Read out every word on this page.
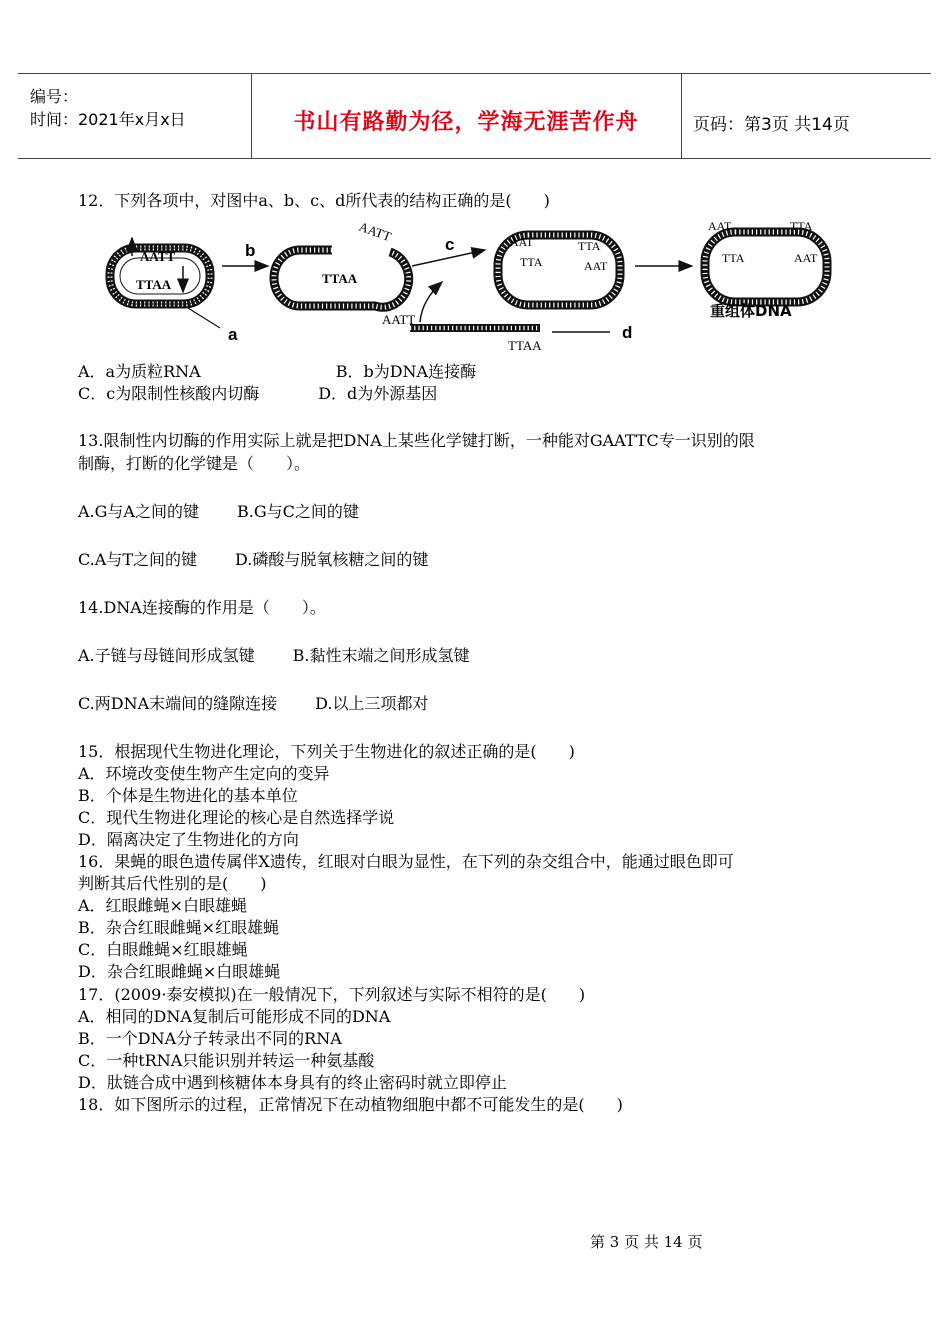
编号：
时间：2021年x月x日	书山有路勤为径，学海无涯苦作舟	页码：第3页 共14页
12．下列各项中，对图中a、b、c、d所代表的结构正确的是(　　)
AATT
TTAA
a
b
TTAA
AATT
c
AATT
TTAA
d
AAT
TTA
TTA
AAT
AAT
TTA
TTA
AAT
重组体DNA
A．a为质粒RNA	B．b为DNA连接酶
C．c为限制性核酸内切酶	D．d为外源基因
13.限制性内切酶的作用实际上就是把DNA上某些化学键打断，一种能对GAATTC专一识别的限
制酶，打断的化学键是（　　）。
A.G与A之间的键 B.G与C之间的键
C.A与T之间的键 D.磷酸与脱氧核糖之间的键
14.DNA连接酶的作用是（　　）。
A.子链与母链间形成氢键 B.黏性末端之间形成氢键
C.两DNA末端间的缝隙连接 D.以上三项都对
15．根据现代生物进化理论，下列关于生物进化的叙述正确的是(　　)
A．环境改变使生物产生定向的变异
B．个体是生物进化的基本单位
C．现代生物进化理论的核心是自然选择学说
D．隔离决定了生物进化的方向
16．果蝇的眼色遗传属伴X遗传，红眼对白眼为显性，在下列的杂交组合中，能通过眼色即可
判断其后代性别的是(　　)
A．红眼雌蝇×白眼雄蝇
B．杂合红眼雌蝇×红眼雄蝇
C．白眼雌蝇×红眼雄蝇
D．杂合红眼雌蝇×白眼雄蝇
17．(2009·泰安模拟)在一般情况下，下列叙述与实际不相符的是(　　)
A．相同的DNA复制后可能形成不同的DNA
B．一个DNA分子转录出不同的RNA
C．一种tRNA只能识别并转运一种氨基酸
D．肽链合成中遇到核糖体本身具有的终止密码时就立即停止
18．如下图所示的过程，正常情况下在动植物细胞中都不可能发生的是(　　)
第 3 页 共 14 页
